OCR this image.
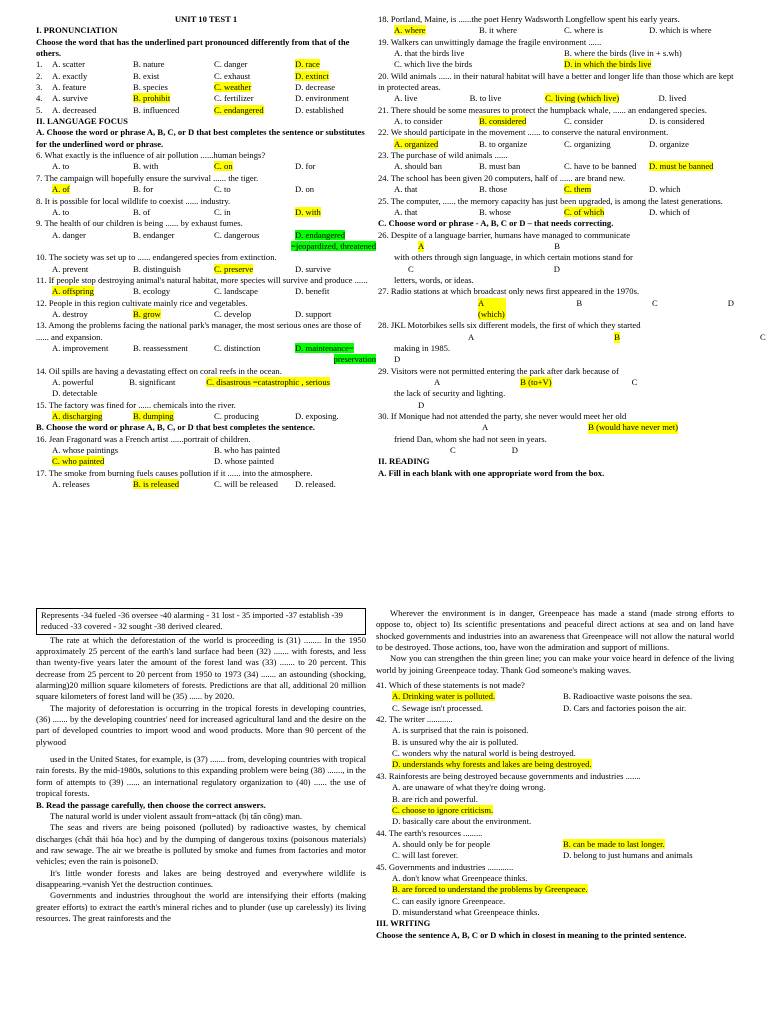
UNIT 10 TEST 1
I. PRONUNCIATION
Choose the word that has the underlined part pronounced differently from that of the others.
1.	A. scatter	B. nature	C. danger	D. race
2.	A. exactly	B. exist	C. exhaust	D. extinct
3.	A. feature	B. species	C. weather	D. decrease
4.	A. survive	B. prohibit	C. fertilizer	D. environment
5.	A. decreased	B. influenced	C. endangered	D. established
II. LANGUAGE FOCUS
A. Choose the word or phrase A, B, C, or D that best completes the sentence or substitutes for the underlined word or phrase.
6. What exactly is the influence of air pollution ......human beings?
A. to	B. with	C. on	D. for
7. The campaign will hopefully ensure the survival ...... the tiger.
A. of	B. for	C. to	D. on
8. It is possible for local wildlife to coexist ...... industry.
A. to	B. of	C. in	D. with
9. The health of our children is being ...... by exhaust fumes.
A. danger	B. endanger	C. dangerous	D. endangered
=jeopardized, threatened
10. The society was set up to ...... endangered species from extinction.
A. prevent	B. distinguish	C. preserve	D. survive
11. If people stop destroying animal's natural habitat, more species will survive and produce ......
A. offspring	B. ecology	C. landscape	D. benefit
12. People in this region cultivate mainly rice and vegetables.
A. destroy	B. grow	C. develop	D. support
13. Among the problems facing the national park's manager, the most serious ones are those of ...... and expansion.
A. improvement	B. reassessment	C. distinction	D. maintenance=
preservation
14. Oil spills are having a devastating effect on coral reefs in the ocean.
A. powerful	B. significant	C. disastrous =catastrophic , serious
D. detectable
15. The factory was fined for ...... chemicals into the river.
A. discharging	B. dumping	C. producing	D. exposing.
B. Choose the word or phrase A, B, C, or D that best completes the sentence.
16. Jean Fragonard was a French artist ......portrait of children.
A. whose paintings	B. who has painted
C. who painted	D. whose painted
17. The smoke from burning fuels causes pollution if it ...... into the atmosphere.
A. releases	B. is released	C. will be released	D. released.
18. Portland, Maine, is ......the poet Henry Wadsworth Longfellow spent his early years.
A. where	B. it where	C. where is	D. which is where
19. Walkers can unwittingly damage the fragile environment ......
A. that the birds live	B. where the birds (live in + s.wh)
C. which live the birds	D. in which the birds live
20. Wild animals ...... in their natural habitat will have a better and longer life than those which are kept in protected areas.
A. live	B. to live	C. living (which live)	D. lived
21. There should be some measures to protect the humpback whale, ...... an endangered species.
A. to consider	B. considered	C. consider	D. is considered
22. We should participate in the movement ...... to conserve the natural environment.
A. organized	B. to organize	C. organizing	D. organize
23. The purchase of wild animals ......
A. should ban	B. must ban	C. have to be banned	D. must be banned
24. The school has been given 20 computers, half of ...... are brand new.
A. that	B. those	C. them	D. which
25. The computer, ...... the memory capacity has just been upgraded, is among the latest generations.
A. that	B. whose	C. of which	D. which of
C. Choose word or phrase - A, B, C or D – that needs correcting.
26. Despite of a language barrier, humans have managed to communicate
A	B
with others through sign language, in which certain motions stand for
C	D
letters, words, or ideas.
27. Radio stations at which broadcast only news first appeared in the 1970s.
A (which)
B	C	D
28. JKL Motorbikes sells six different models, the first of which they started
A	B	C
making in 1985.
D
29. Visitors were not permitted entering the park after dark because of
A	B (to+V)	C
the lack of security and lighting.
D
30. If Monique had not attended the party, she never would meet her old
A	B (would have never met)
friend Dan, whom she had not seen in years.
C	D
II. READING
A. Fill in each blank with one appropriate word from the box.
Represents -34 fueled -36 oversee -40 alarming - 31 lost - 35 imported -37 establish -39 reduced -33 covered - 32 sought -38 derived cleared.

The rate at which the deforestation of the world is proceeding is (31) ........ In the 1950 approximately 25 percent of the earth's land surface had been (32) ....... with forests, and less than twenty-five years later the amount of the forest land was (33) ....... to 20 percent. This decrease from 25 percent to 20 percent from 1950 to 1973 (34) ....... an astounding (shocking, alarming)20 million square kilometers of forests. Predictions are that all, additional 20 million square kilometers of forest land will be (35) ...... by 2020.

The majority of deforestation is occurring in the tropical forests in developing countries, (36) ....... by the developing countries' need for increased agricultural land and the desire on the part of developed countries to import wood and wood products. More than 90 percent of the plywood

used in the United States, for example, is (37) ....... from, developing countries with tropical rain forests. By the mid-1980s, solutions to this expanding problem were being (38) ......., in the form of attempts to (39) ...... an international regulatory organization to (40) ...... the use of tropical forests.

B. Read the passage carefully, then choose the correct answers.

The natural world is under violent assault from=attack (bị tấn công) man.

The seas and rivers are being poisoned (polluted) by radioactive wastes, by chemical discharges (chất thải hóa học) and by the dumping of dangerous toxins (poisonous materials) and raw sewage. The air we breathe is polluted by smoke and fumes from factories and motor vehicles; even the rain is poisoneD.

It's little wonder forests and lakes are being destroyed and everywhere wildlife is disappearing.=vanish Yet the destruction continues.

Governments and industries throughout the world are intensifying their efforts (making greater efforts) to extract the earth's mineral riches and to plunder (use up carelessly) its living resources. The great rainforests and the

Wherever the environment is in danger, Greenpeace has made a stand (made strong efforts to oppose to, object to) Its scientific presentations and peaceful direct actions at sea and on land have shocked governments and industries into an awareness that Greenpeace will not allow the natural world to be destroyed. Those actions, too, have won the admiration and support of millions.

Now you can strengthen the thin green line; you can make your voice heard in defence of the living world by joining Greenpeace today. Thank God someone's making waves.

41. Which of these statements is not made?
A. Drinking water is polluted.	B. Radioactive waste poisons the sea.
C. Sewage isn't processed.	D. Cars and factories poison the air.
42. The writer ............
A. is surprised that the rain is poisoned.
B. is unsured why the air is polluted.
C. wonders why the natural world is being destroyed.
D. understands why forests and lakes are being destroyed.
43. Rainforests are being destroyed because governments and industries .......
A. are unaware of what they're doing wrong.
B. are rich and powerful.
C. choose to ignore criticism.
D. basically care about the environment.
44. The earth's resources .........
A. should only be for people	B. can be made to last longer.
C. will last forever.	D. belong to just humans and animals
45. Governments and industries ............
A. don't know what Greenpeace thinks.
B. are forced to understand the problems by Greenpeace.
C. can easily ignore Greenpeace.
D. misunderstand what Greenpeace thinks.
III. WRITING
Choose the sentence A, B, C or D which in closest in meaning to the printed sentence.
